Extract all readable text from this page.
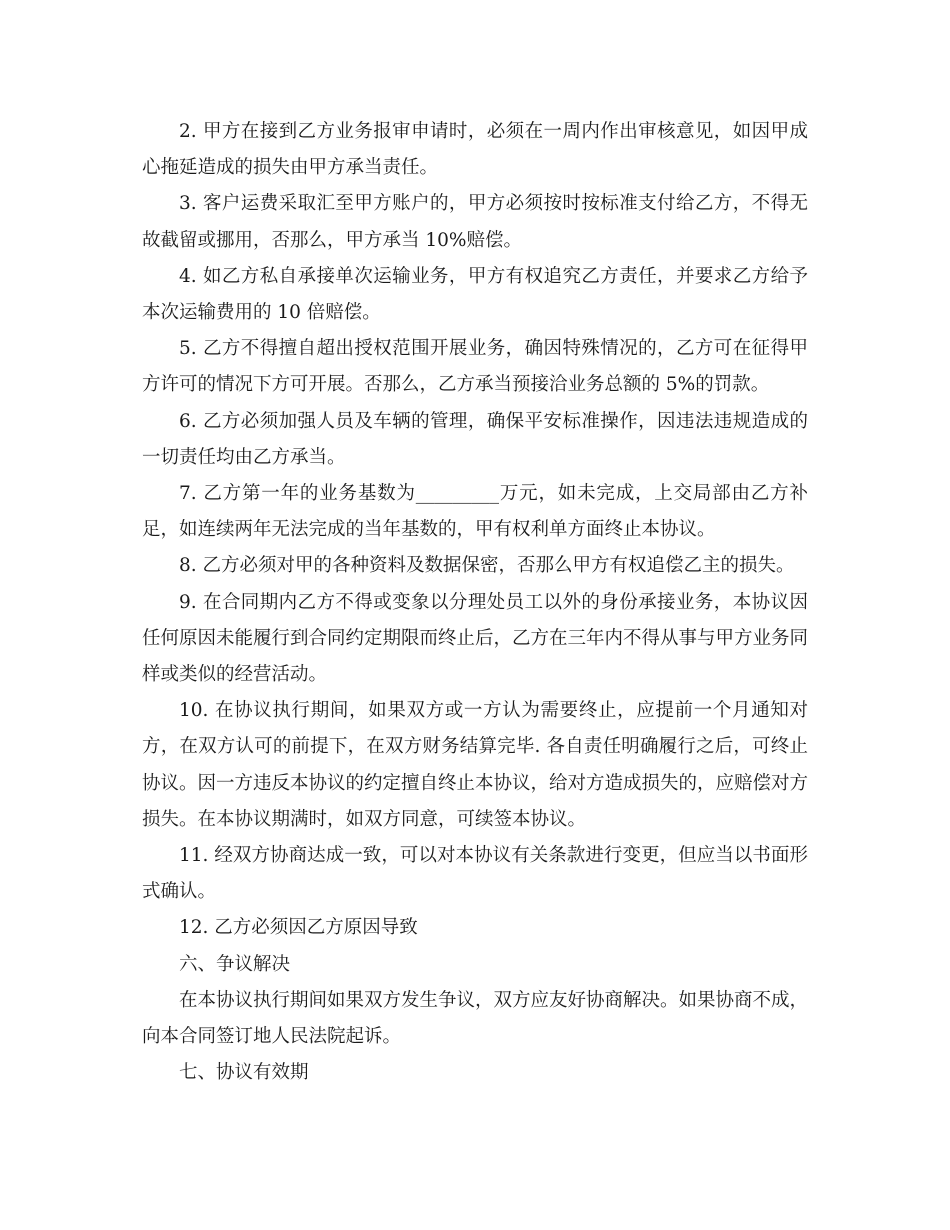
2. 甲方在接到乙方业务报审申请时，必须在一周内作出审核意见，如因甲成心拖延造成的损失由甲方承当责任。

3. 客户运费采取汇至甲方账户的，甲方必须按时按标准支付给乙方，不得无故截留或挪用，否那么，甲方承当 10%赔偿。

4. 如乙方私自承接单次运输业务，甲方有权追究乙方责任，并要求乙方给予本次运输费用的 10 倍赔偿。

5. 乙方不得擅自超出授权范围开展业务，确因特殊情况的，乙方可在征得甲方许可的情况下方可开展。否那么，乙方承当预接洽业务总额的 5%的罚款。

6. 乙方必须加强人员及车辆的管理，确保平安标准操作，因违法违规造成的一切责任均由乙方承当。

7. 乙方第一年的业务基数为_________万元，如未完成，上交局部由乙方补足，如连续两年无法完成的当年基数的，甲有权利单方面终止本协议。

8. 乙方必须对甲的各种资料及数据保密，否那么甲方有权追偿乙主的损失。

9. 在合同期内乙方不得或变象以分理处员工以外的身份承接业务，本协议因任何原因未能履行到合同约定期限而终止后，乙方在三年内不得从事与甲方业务同样或类似的经营活动。

10. 在协议执行期间，如果双方或一方认为需要终止，应提前一个月通知对方，在双方认可的前提下，在双方财务结算完毕. 各自责任明确履行之后，可终止协议。因一方违反本协议的约定擅自终止本协议，给对方造成损失的，应赔偿对方损失。在本协议期满时，如双方同意，可续签本协议。

11. 经双方协商达成一致，可以对本协议有关条款进行变更，但应当以书面形式确认。

12. 乙方必须因乙方原因导致

六、争议解决

在本协议执行期间如果双方发生争议，双方应友好协商解决。如果协商不成，向本合同签订地人民法院起诉。

七、协议有效期
